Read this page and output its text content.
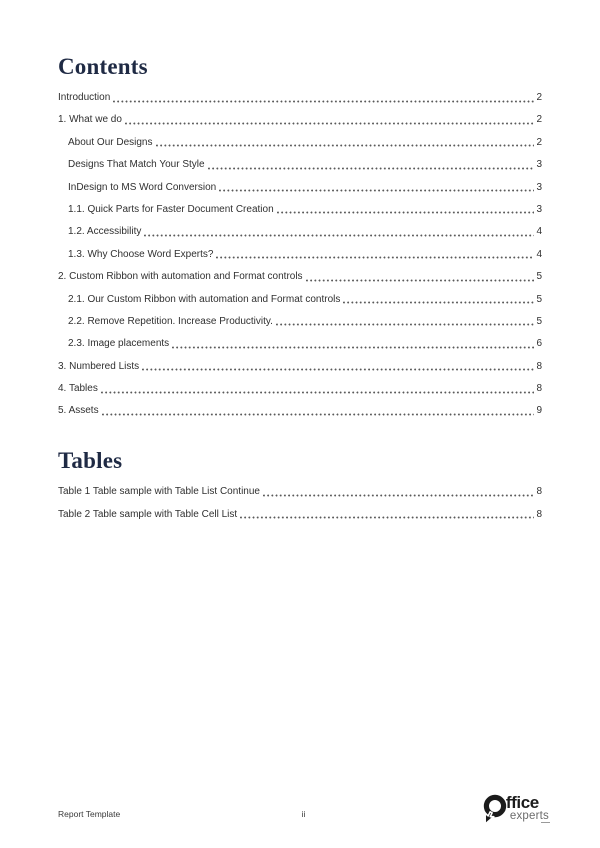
Contents
Introduction	2
1. What we do	2
About Our Designs	2
Designs That Match Your Style	3
InDesign to MS Word Conversion	3
1.1. Quick Parts for Faster Document Creation	3
1.2. Accessibility	4
1.3. Why Choose Word Experts?	4
2. Custom Ribbon with automation and Format controls	5
2.1. Our Custom Ribbon with automation and Format controls	5
2.2. Remove Repetition. Increase Productivity.	5
2.3. Image placements	6
3. Numbered Lists	8
4. Tables	8
5. Assets	9
Tables
Table 1 Table sample with Table List Continue	8
Table 2 Table sample with Table Cell List	8
Report Template	ii
ffice
experts
